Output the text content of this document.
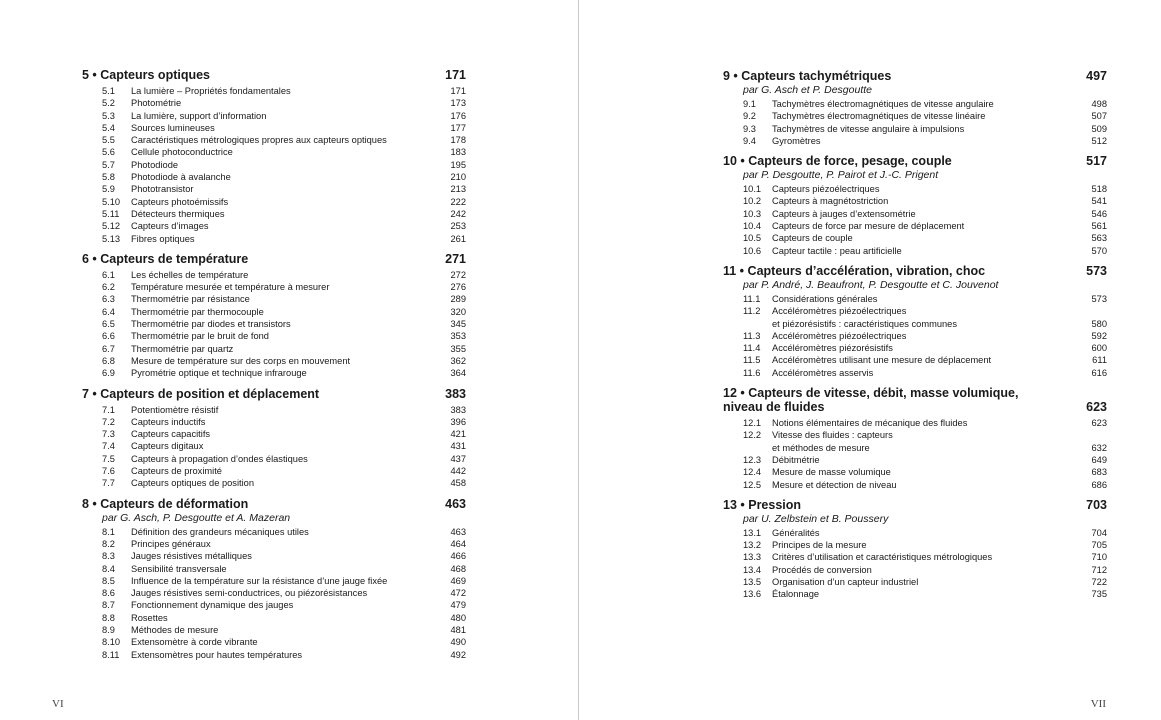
5 • Capteurs optiques	171
5.1	La lumière – Propriétés fondamentales	171
5.2	Photométrie	173
5.3	La lumière, support d’information	176
5.4	Sources lumineuses	177
5.5	Caractéristiques métrologiques propres aux capteurs optiques	178
5.6	Cellule photoconductrice	183
5.7	Photodiode	195
5.8	Photodiode à avalanche	210
5.9	Phototransistor	213
5.10	Capteurs photoémissifs	222
5.11	Détecteurs thermiques	242
5.12	Capteurs d’images	253
5.13	Fibres optiques	261
6 • Capteurs de température	271
6.1	Les échelles de température	272
6.2	Température mesurée et température à mesurer	276
6.3	Thermométrie par résistance	289
6.4	Thermométrie par thermocouple	320
6.5	Thermométrie par diodes et transistors	345
6.6	Thermométrie par le bruit de fond	353
6.7	Thermométrie par quartz	355
6.8	Mesure de température sur des corps en mouvement	362
6.9	Pyrométrie optique et technique infrarouge	364
7 • Capteurs de position et déplacement	383
7.1	Potentiomètre résistif	383
7.2	Capteurs inductifs	396
7.3	Capteurs capacitifs	421
7.4	Capteurs digitaux	431
7.5	Capteurs à propagation d’ondes élastiques	437
7.6	Capteurs de proximité	442
7.7	Capteurs optiques de position	458
8 • Capteurs de déformation	463
par G. Asch, P. Desgoutte et A. Mazeran
8.1	Définition des grandeurs mécaniques utiles	463
8.2	Principes généraux	464
8.3	Jauges résistives métalliques	466
8.4	Sensibilité transversale	468
8.5	Influence de la température sur la résistance d’une jauge fixée	469
8.6	Jauges résistives semi-conductrices, ou piézorésistances	472
8.7	Fonctionnement dynamique des jauges	479
8.8	Rosettes	480
8.9	Méthodes de mesure	481
8.10	Extensomètre à corde vibrante	490
8.11	Extensomètres pour hautes températures	492
VI
9 • Capteurs tachymétriques	497
par G. Asch et P. Desgoutte
9.1	Tachymètres électromagnétiques de vitesse angulaire	498
9.2	Tachymètres électromagnétiques de vitesse linéaire	507
9.3	Tachymètres de vitesse angulaire à impulsions	509
9.4	Gyromètres	512
10 • Capteurs de force, pesage, couple	517
par P. Desgoutte, P. Pairot et J.-C. Prigent
10.1	Capteurs piézoélectriques	518
10.2	Capteurs à magnétostriction	541
10.3	Capteurs à jauges d’extensométrie	546
10.4	Capteurs de force par mesure de déplacement	561
10.5	Capteurs de couple	563
10.6	Capteur tactile : peau artificielle	570
11 • Capteurs d’accélération, vibration, choc	573
par P. André, J. Beaufront, P. Desgoutte et C. Jouvenot
11.1	Considérations générales	573
11.2	Accéléromètres piézoélectriques
et piézorésistifs : caractéristiques communes	580
11.3	Accéléromètres piézoélectriques	592
11.4	Accéléromètres piézorésistifs	600
11.5	Accéléromètres utilisant une mesure de déplacement	611
11.6	Accéléromètres asservis	616
12 • Capteurs de vitesse, débit, masse volumique, niveau de fluides	623
12.1	Notions élémentaires de mécanique des fluides	623
12.2	Vitesse des fluides : capteurs
et méthodes de mesure	632
12.3	Débitmétrie	649
12.4	Mesure de masse volumique	683
12.5	Mesure et détection de niveau	686
13 • Pression	703
par U. Zelbstein et B. Poussery
13.1	Généralités	704
13.2	Principes de la mesure	705
13.3	Critères d’utilisation et caractéristiques métrologiques	710
13.4	Procédés de conversion	712
13.5	Organisation d’un capteur industriel	722
13.6	Étalonnage	735
VII
